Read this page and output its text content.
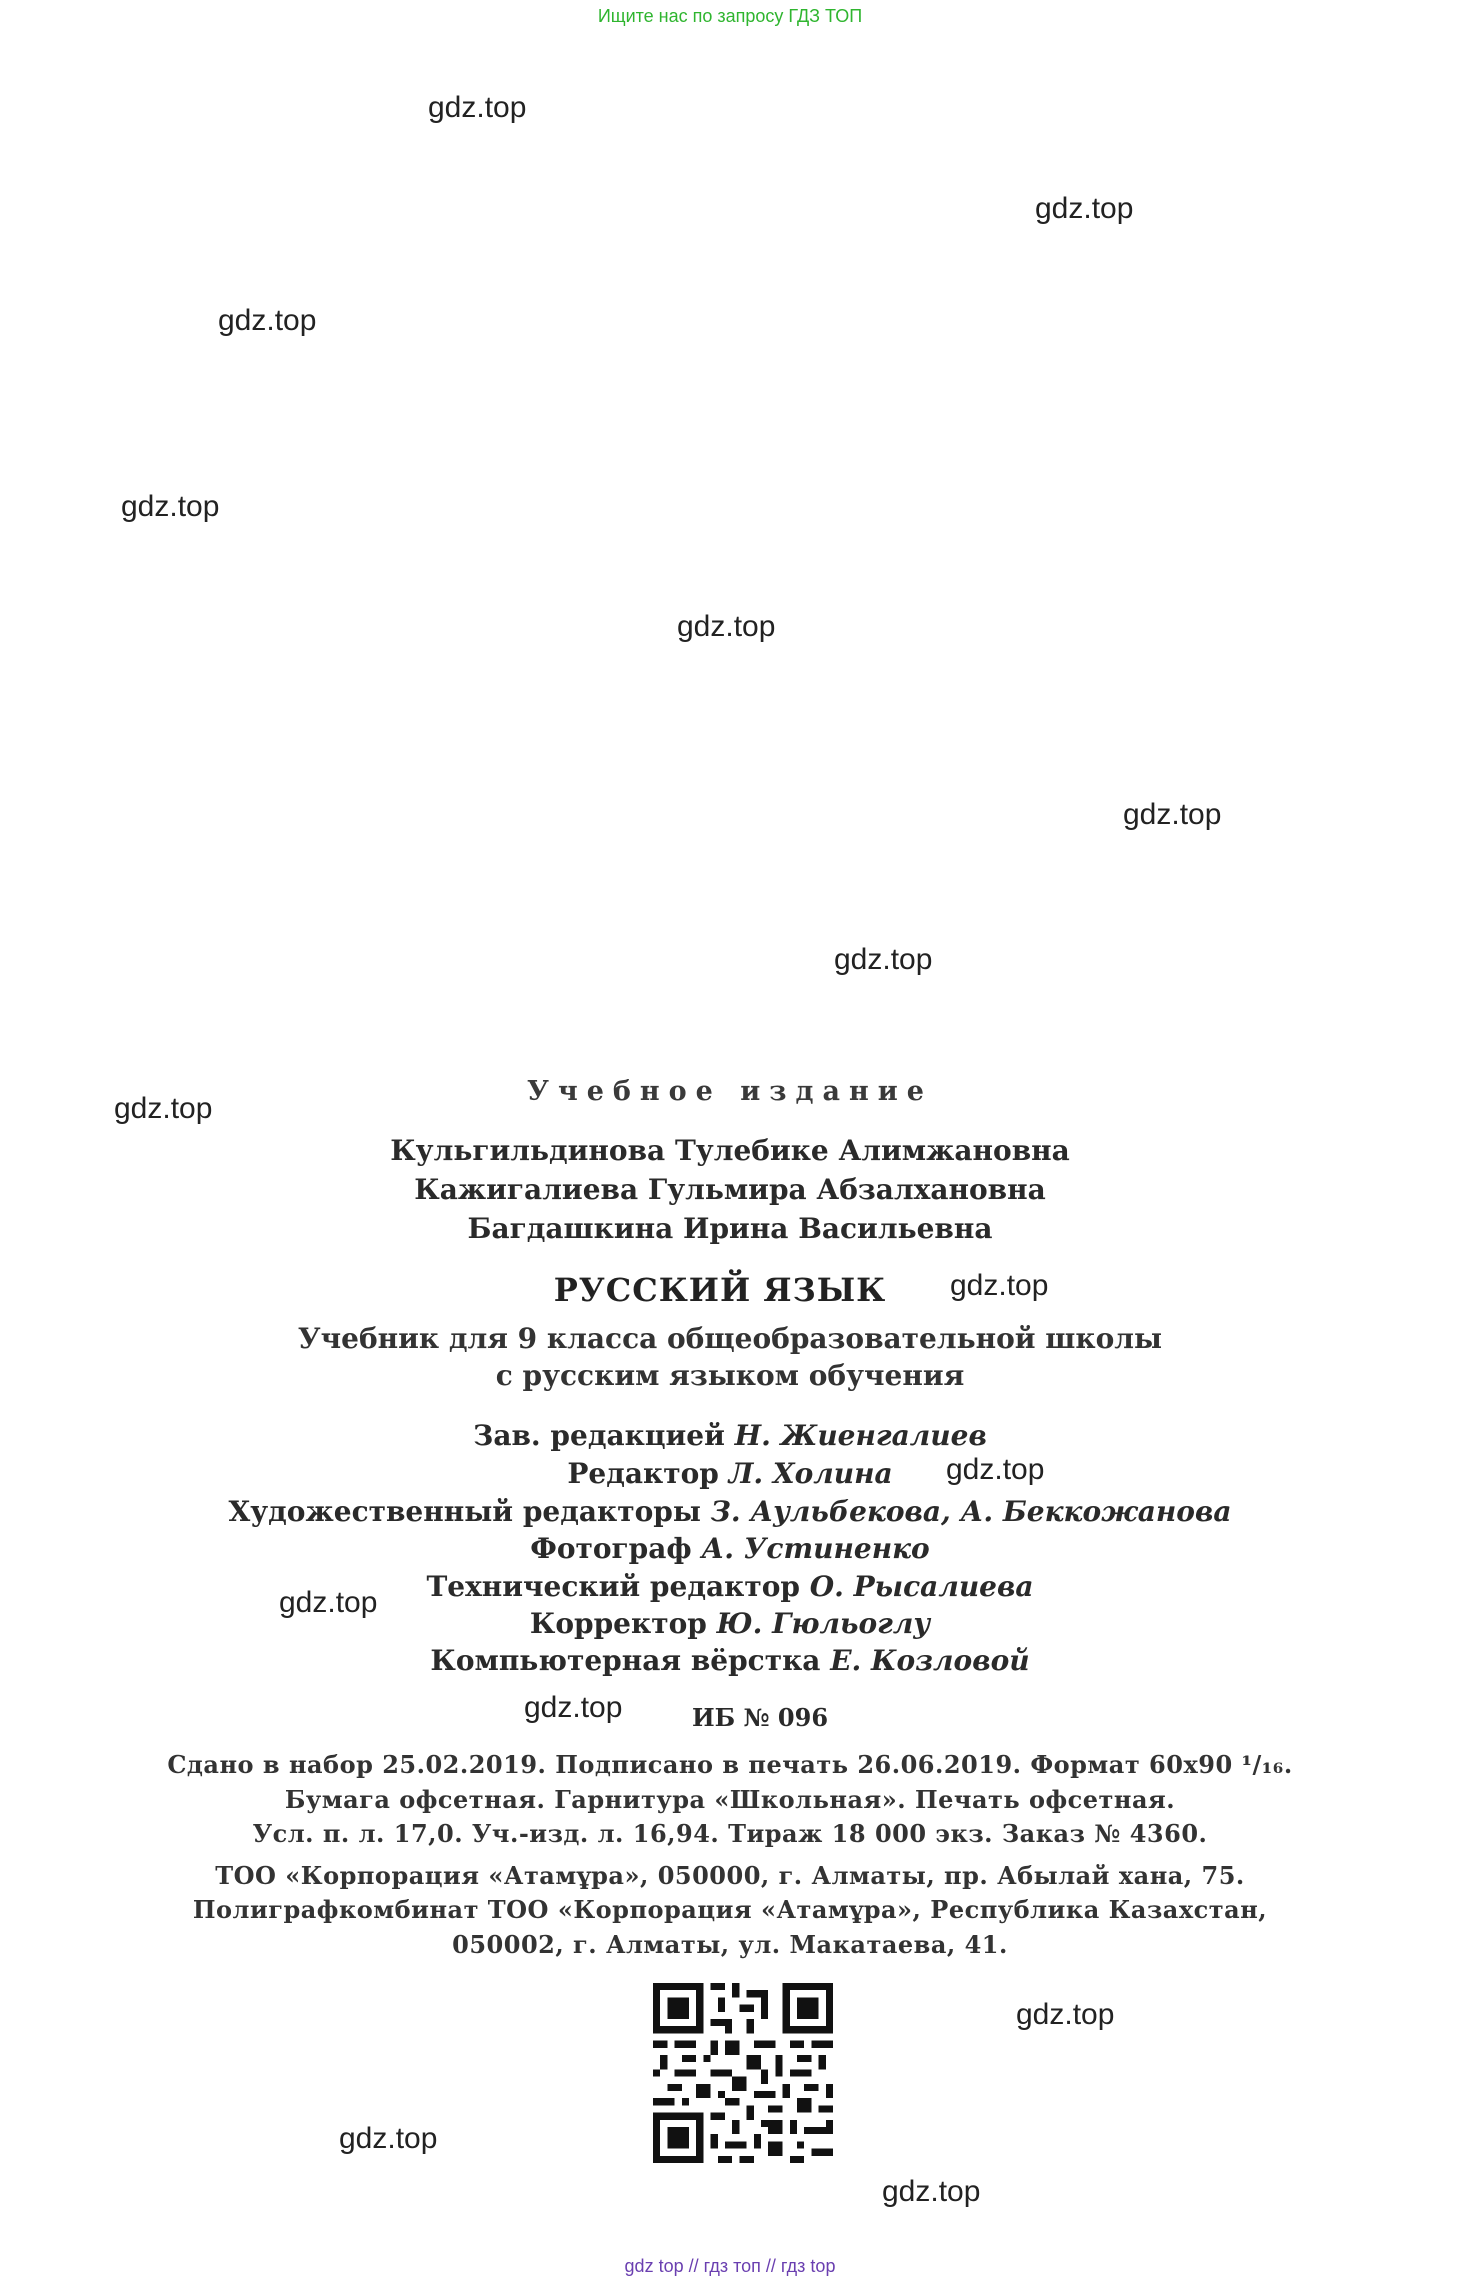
Ищите нас по запросу ГДЗ ТОП
gdz.top
gdz.top
gdz.top
gdz.top
gdz.top
gdz.top
gdz.top
gdz.top
gdz.top
gdz.top
gdz.top
gdz.top
gdz.top
gdz.top
gdz.top
Учебное издание
Кульгильдинова Тулебике Алимжановна
Кажигалиева Гульмира Абзалхановна
Багдашкина Ирина Васильевна
РУССКИЙ ЯЗЫК
Учебник для 9 класса общеобразовательной школы
с русским языком обучения
Зав. редакцией Н. Жиенгалиев
Редактор Л. Холина
Художественный редакторы З. Аульбекова, А. Беккожанова
Фотограф А. Устиненко
Технический редактор О. Рысалиева
Корректор Ю. Гюльоглу
Компьютерная вёрстка Е. Козловой
ИБ № 096
Сдано в набор 25.02.2019. Подписано в печать 26.06.2019. Формат 60x90 ¹/₁₆.
Бумага офсетная. Гарнитура «Школьная». Печать офсетная.
Усл. п. л. 17,0. Уч.-изд. л. 16,94. Тираж 18 000 экз. Заказ № 4360.
ТОО «Корпорация «Атамұра», 050000, г. Алматы, пр. Абылай хана, 75.
Полиграфкомбинат ТОО «Корпорация «Атамұра», Республика Казахстан,
050002, г. Алматы, ул. Макатаева, 41.
gdz top // гдз топ // гдз top
